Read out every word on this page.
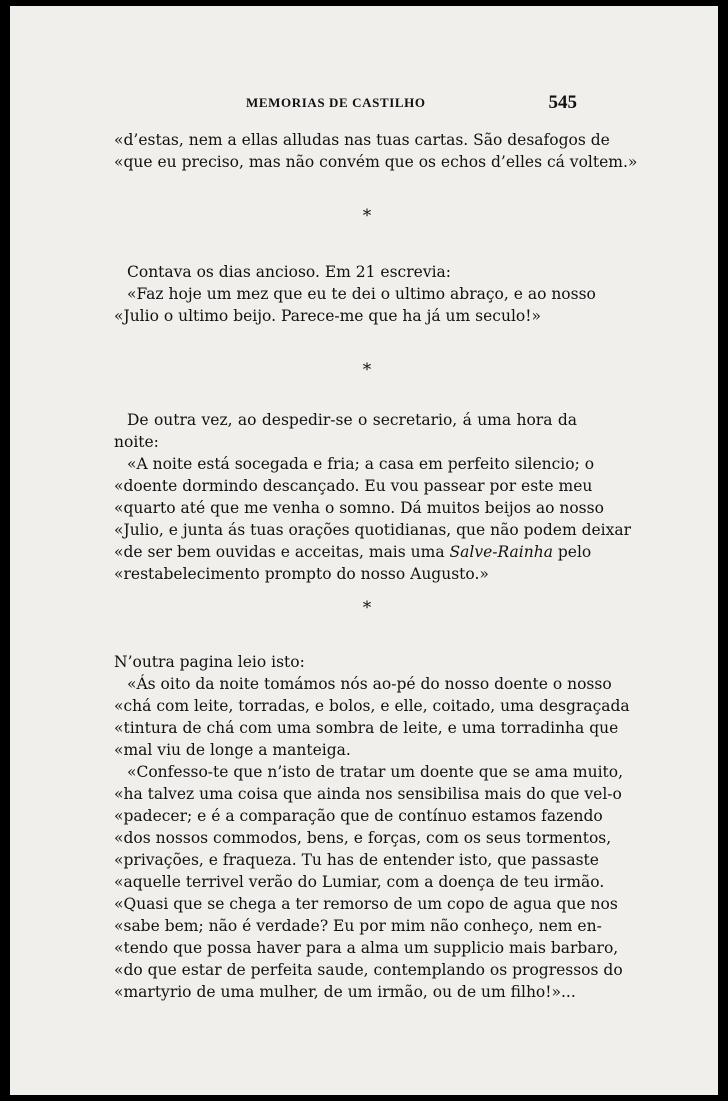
MEMORIAS DE CASTILHO	545
«d’estas, nem a ellas alludas nas tuas cartas. São desafogos de
«que eu preciso, mas não convém que os echos d’elles cá voltem.»
*
Contava os dias ancioso. Em 21 escrevia:
«Faz hoje um mez que eu te dei o ultimo abraço, e ao nosso
«Julio o ultimo beijo. Parece-me que ha já um seculo!»
*
De outra vez, ao despedir-se o secretario, á uma hora da
noite:
«A noite está socegada e fria; a casa em perfeito silencio; o
«doente dormindo descançado. Eu vou passear por este meu
«quarto até que me venha o somno. Dá muitos beijos ao nosso
«Julio, e junta ás tuas orações quotidianas, que não podem deixar
«de ser bem ouvidas e acceitas, mais uma Salve-Rainha pelo
«restabelecimento prompto do nosso Augusto.»
*
N’outra pagina leio isto:
«Ás oito da noite tomámos nós ao-pé do nosso doente o nosso
«chá com leite, torradas, e bolos, e elle, coitado, uma desgraçada
«tintura de chá com uma sombra de leite, e uma torradinha que
«mal viu de longe a manteiga.
«Confesso-te que n’isto de tratar um doente que se ama muito,
«ha talvez uma coisa que ainda nos sensibilisa mais do que vel-o
«padecer; e é a comparação que de contínuo estamos fazendo
«dos nossos commodos, bens, e forças, com os seus tormentos,
«privações, e fraqueza. Tu has de entender isto, que passaste
«aquelle terrivel verão do Lumiar, com a doença de teu irmão.
«Quasi que se chega a ter remorso de um copo de agua que nos
«sabe bem; não é verdade? Eu por mim não conheço, nem en-
«tendo que possa haver para a alma um supplicio mais barbaro,
«do que estar de perfeita saude, contemplando os progressos do
«martyrio de uma mulher, de um irmão, ou de um filho!»...
